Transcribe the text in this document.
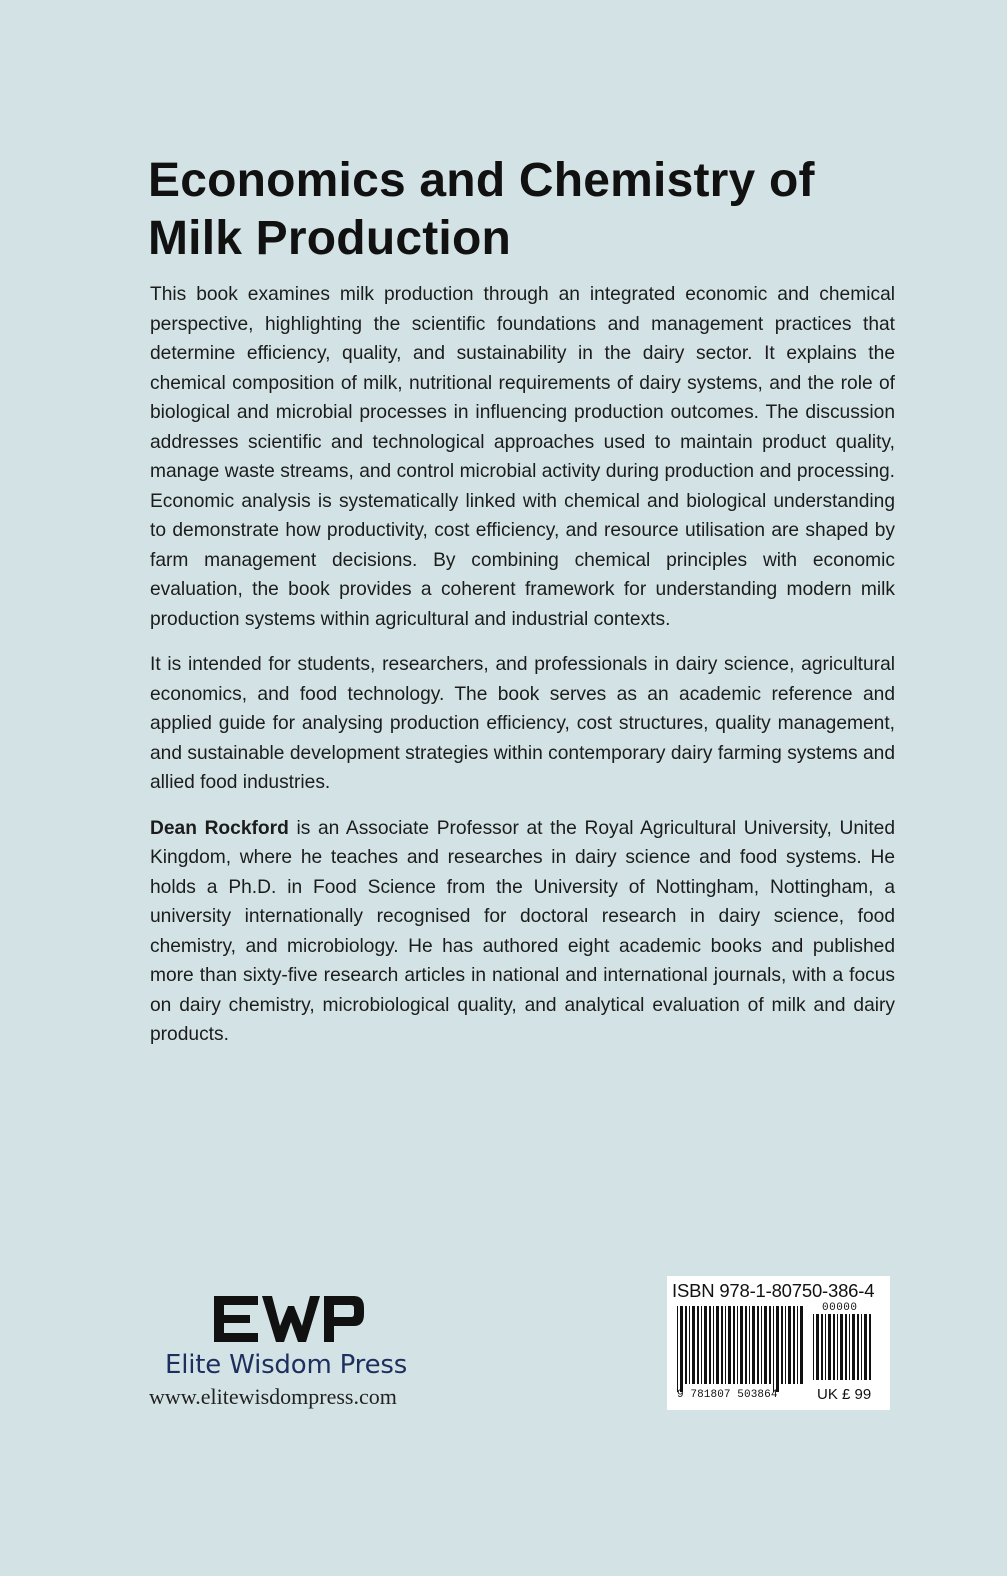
Economics and Chemistry of
Milk Production

This book examines milk production through an integrated economic and chemical perspective, highlighting the scientific foundations and management practices that determine efficiency, quality, and sustainability in the dairy sector. It explains the chemical composition of milk, nutritional requirements of dairy systems, and the role of biological and microbial processes in influencing production outcomes. The discussion addresses scientific and technological approaches used to maintain product quality, manage waste streams, and control microbial activity during production and processing. Economic analysis is systematically linked with chemical and biological understanding to demonstrate how productivity, cost efficiency, and resource utilisation are shaped by farm management decisions. By combining chemical principles with economic evaluation, the book provides a coherent framework for understanding modern milk production systems within agricultural and industrial contexts.

It is intended for students, researchers, and professionals in dairy science, agricultural economics, and food technology. The book serves as an academic reference and applied guide for analysing production efficiency, cost structures, quality management, and sustainable development strategies within contemporary dairy farming systems and allied food industries.

Dean Rockford is an Associate Professor at the Royal Agricultural University, United Kingdom, where he teaches and researches in dairy science and food systems. He holds a Ph.D. in Food Science from the University of Nottingham, Nottingham, a university internationally recognised for doctoral research in dairy science, food chemistry, and microbiology. He has authored eight academic books and published more than sixty-five research articles in national and international journals, with a focus on dairy chemistry, microbiological quality, and analytical evaluation of milk and dairy products.

Elite Wisdom Press
www.elitewisdompress.com
ISBN 978-1-80750-386-4
00000
9 781807 503864	UK £ 99
